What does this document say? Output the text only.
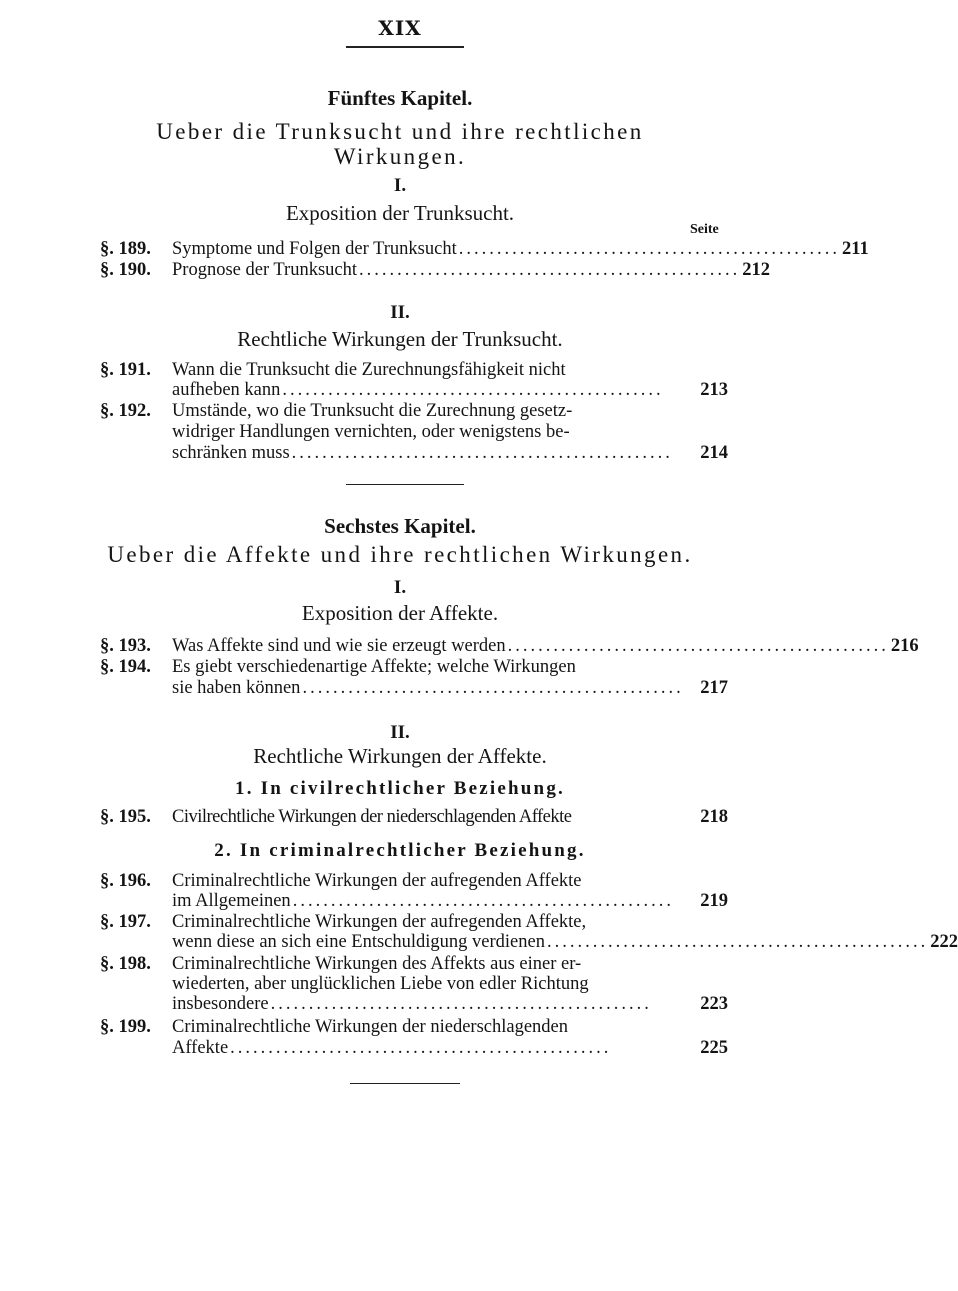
XIX
Fünftes Kapitel.
Ueber die Trunksucht und ihre rechtlichen
Wirkungen.
I.
Exposition der Trunksucht.
Seite
§. 189. Symptome und Folgen der Trunksucht .................................................. 211
§. 190. Prognose der Trunksucht .................................................. 212
II.
Rechtliche Wirkungen der Trunksucht.
§. 191. Wann die Trunksucht die Zurechnungsfähigkeit nicht
aufheben kann ..................................................	213
§. 192. Umstände, wo die Trunksucht die Zurechnung gesetz-
widriger Handlungen vernichten, oder wenigstens be-
schränken muss ..................................................	214
Sechstes Kapitel.
Ueber die Affekte und ihre rechtlichen Wirkungen.
I.
Exposition der Affekte.
§. 193. Was Affekte sind und wie sie erzeugt werden .................................................. 216
§. 194. Es giebt verschiedenartige Affekte; welche Wirkungen
sie haben können .................................................. 217
II.
Rechtliche Wirkungen der Affekte.
1. In civilrechtlicher Beziehung.
§. 195. Civilrechtliche Wirkungen der niederschlagenden Affekte	218
2. In criminalrechtlicher Beziehung.
§. 196. Criminalrechtliche Wirkungen der aufregenden Affekte
im Allgemeinen ..................................................	219
§. 197. Criminalrechtliche Wirkungen der aufregenden Affekte,
wenn diese an sich eine Entschuldigung verdienen .................................................. 222
§. 198. Criminalrechtliche Wirkungen des Affekts aus einer er-
wiederten, aber unglücklichen Liebe von edler Richtung
insbesondere ..................................................	223
§. 199. Criminalrechtliche Wirkungen der niederschlagenden
Affekte ..................................................	225
